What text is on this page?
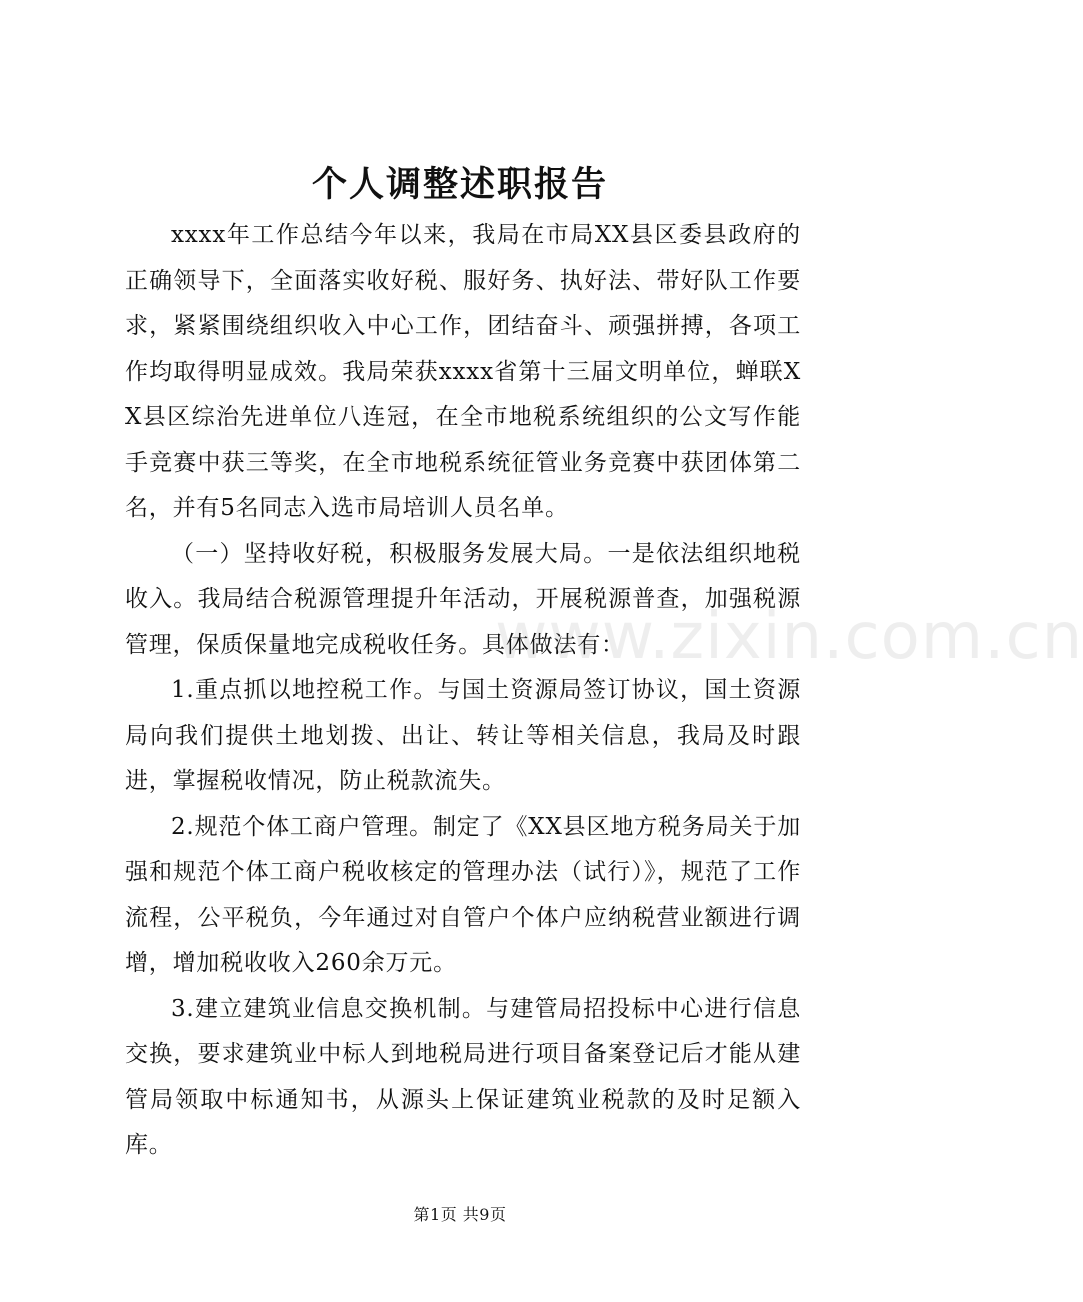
个人调整述职报告

xxxx年工作总结今年以来，我局在市局XX县区委县政府的正确领导下，全面落实收好税、服好务、执好法、带好队工作要求，紧紧围绕组织收入中心工作，团结奋斗、顽强拼搏，各项工作均取得明显成效。我局荣获xxxx省第十三届文明单位，蝉联XX县区综治先进单位八连冠，在全市地税系统组织的公文写作能手竞赛中获三等奖，在全市地税系统征管业务竞赛中获团体第二名，并有5名同志入选市局培训人员名单。

（一）坚持收好税，积极服务发展大局。一是依法组织地税收入。我局结合税源管理提升年活动，开展税源普查，加强税源管理，保质保量地完成税收任务。具体做法有：

1.重点抓以地控税工作。与国土资源局签订协议，国土资源局向我们提供土地划拨、出让、转让等相关信息，我局及时跟进，掌握税收情况，防止税款流失。

2.规范个体工商户管理。制定了《XX县区地方税务局关于加强和规范个体工商户税收核定的管理办法（试行）》，规范了工作流程，公平税负，今年通过对自管户个体户应纳税营业额进行调增，增加税收收入260余万元。

3.建立建筑业信息交换机制。与建管局招投标中心进行信息交换，要求建筑业中标人到地税局进行项目备案登记后才能从建管局领取中标通知书，从源头上保证建筑业税款的及时足额入库。

www.zixin.com.cn
第1页 共9页
